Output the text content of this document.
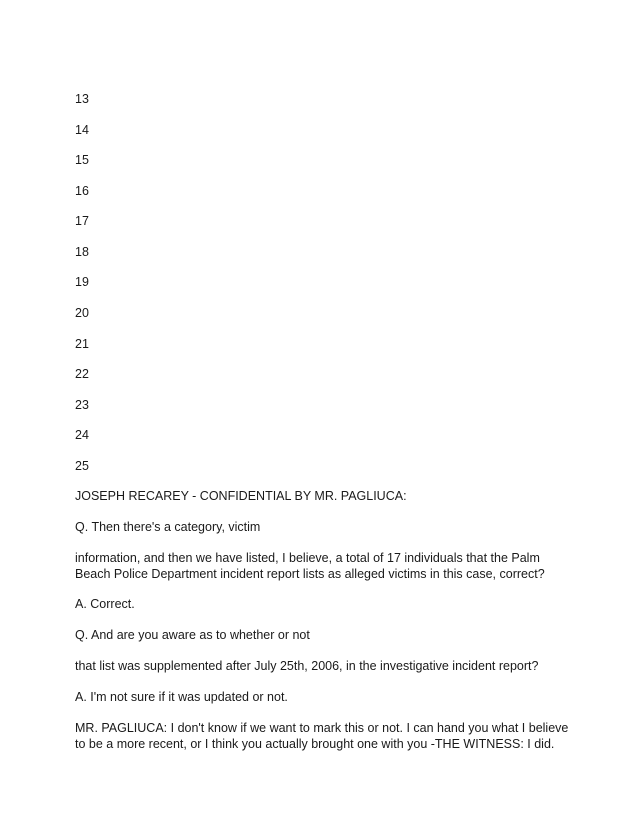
13
14
15
16
17
18
19
20
21
22
23
24
25

JOSEPH RECAREY - CONFIDENTIAL BY MR. PAGLIUCA:

Q. Then there's a category, victim

information, and then we have listed, I believe, a total of 17 individuals that the Palm Beach Police Department incident report lists as alleged victims in this case, correct?

A. Correct.

Q. And are you aware as to whether or not

that list was supplemented after July 25th, 2006, in the investigative incident report?

A. I'm not sure if it was updated or not.

MR. PAGLIUCA: I don't know if we want to mark this or not. I can hand you what I believe to be a more recent, or I think you actually brought one with you -THE WITNESS: I did.
